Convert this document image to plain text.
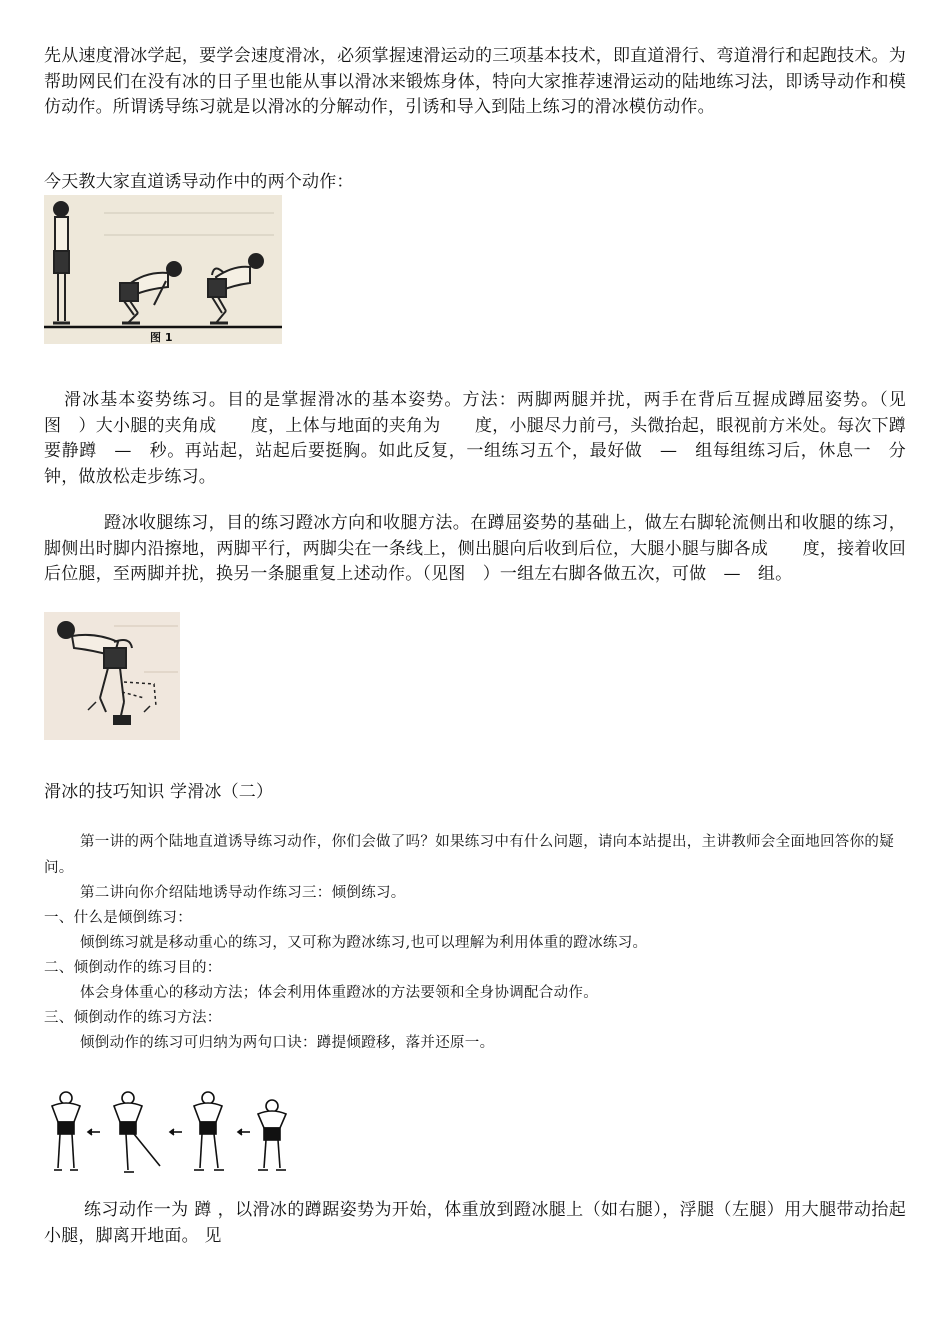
先从速度滑冰学起，要学会速度滑冰，必须掌握速滑运动的三项基本技术，即直道滑行、弯道滑行和起跑技术。为帮助网民们在没有冰的日子里也能从事以滑冰来锻炼身体，特向大家推荐速滑运动的陆地练习法，即诱导动作和模仿动作。所谓诱导练习就是以滑冰的分解动作，引诱和导入到陆上练习的滑冰模仿动作。

今天教大家直道诱导动作中的两个动作：

图 1

滑冰基本姿势练习。目的是掌握滑冰的基本姿势。方法：两脚两腿并扰，两手在背后互握成蹲屈姿势。（见图　）大小腿的夹角成　　度，上体与地面的夹角为　　度，小腿尽力前弓，头微抬起，眼视前方米处。每次下蹲要静蹲　—　秒。再站起，站起后要挺胸。如此反复，一组练习五个，最好做　—　组每组练习后，休息一　分钟，做放松走步练习。

蹬冰收腿练习，目的练习蹬冰方向和收腿方法。在蹲屈姿势的基础上，做左右脚轮流侧出和收腿的练习，脚侧出时脚内沿擦地，两脚平行，两脚尖在一条线上，侧出腿向后收到后位，大腿小腿与脚各成　　度，接着收回后位腿，至两脚并扰，换另一条腿重复上述动作。（见图　）一组左右脚各做五次，可做　—　组。

滑冰的技巧知识 学滑冰（二）

第一讲的两个陆地直道诱导练习动作，你们会做了吗？如果练习中有什么问题，请向本站提出，主讲教师会全面地回答你的疑问。

第二讲向你介绍陆地诱导动作练习三：倾倒练习。

一、什么是倾倒练习：

倾倒练习就是移动重心的练习，又可称为蹬冰练习,也可以理解为利用体重的蹬冰练习。

二、倾倒动作的练习目的：

体会身体重心的移动方法；体会利用体重蹬冰的方法要领和全身协调配合动作。

三、倾倒动作的练习方法：

倾倒动作的练习可归纳为两句口诀：蹲提倾蹬移，落并还原一。

练习动作一为 蹲 ，以滑冰的蹲踞姿势为开始，体重放到蹬冰腿上（如右腿），浮腿（左腿）用大腿带动抬起小腿，脚离开地面。 见
